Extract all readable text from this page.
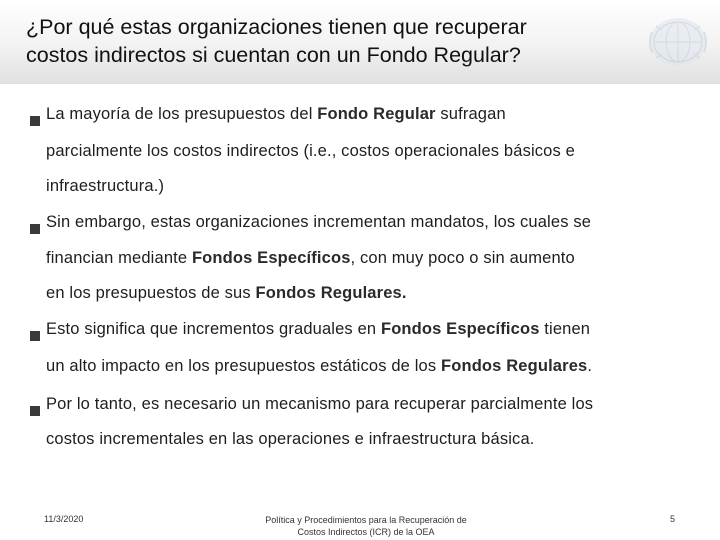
¿Por qué estas organizaciones tienen que recuperar
costos indirectos si cuentan con un Fondo Regular?
La mayoría de los presupuestos del Fondo Regular sufragan
parcialmente los costos indirectos (i.e., costos operacionales básicos e
infraestructura.)
Sin embargo, estas organizaciones incrementan mandatos, los cuales se
financian mediante Fondos Específicos, con muy poco o sin aumento
en los presupuestos de sus Fondos Regulares.
Esto significa que incrementos graduales en Fondos Específicos tienen
un alto impacto en los presupuestos estáticos de los Fondos Regulares.
Por lo tanto, es necesario un mecanismo para recuperar parcialmente los
costos incrementales en las operaciones e infraestructura básica.
11/3/2020	Política y Procedimientos para la Recuperación de
Costos Indirectos (ICR) de la OEA
5
